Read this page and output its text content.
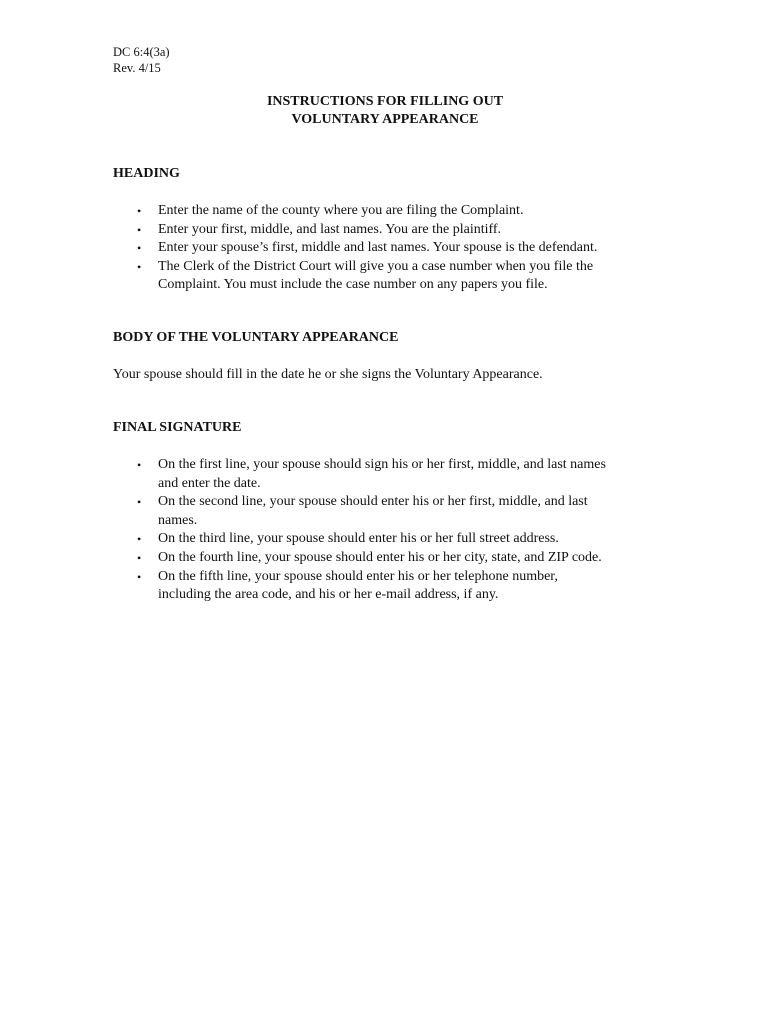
DC 6:4(3a)
Rev. 4/15
INSTRUCTIONS FOR FILLING OUT
VOLUNTARY APPEARANCE
HEADING
• Enter the name of the county where you are filing the Complaint.
• Enter your first, middle, and last names. You are the plaintiff.
• Enter your spouse’s first, middle and last names. Your spouse is the defendant.
• The Clerk of the District Court will give you a case number when you file the Complaint. You must include the case number on any papers you file.
BODY OF THE VOLUNTARY APPEARANCE
Your spouse should fill in the date he or she signs the Voluntary Appearance.
FINAL SIGNATURE
• On the first line, your spouse should sign his or her first, middle, and last names and enter the date.
• On the second line, your spouse should enter his or her first, middle, and last names.
• On the third line, your spouse should enter his or her full street address.
• On the fourth line, your spouse should enter his or her city, state, and ZIP code.
• On the fifth line, your spouse should enter his or her telephone number, including the area code, and his or her e-mail address, if any.
